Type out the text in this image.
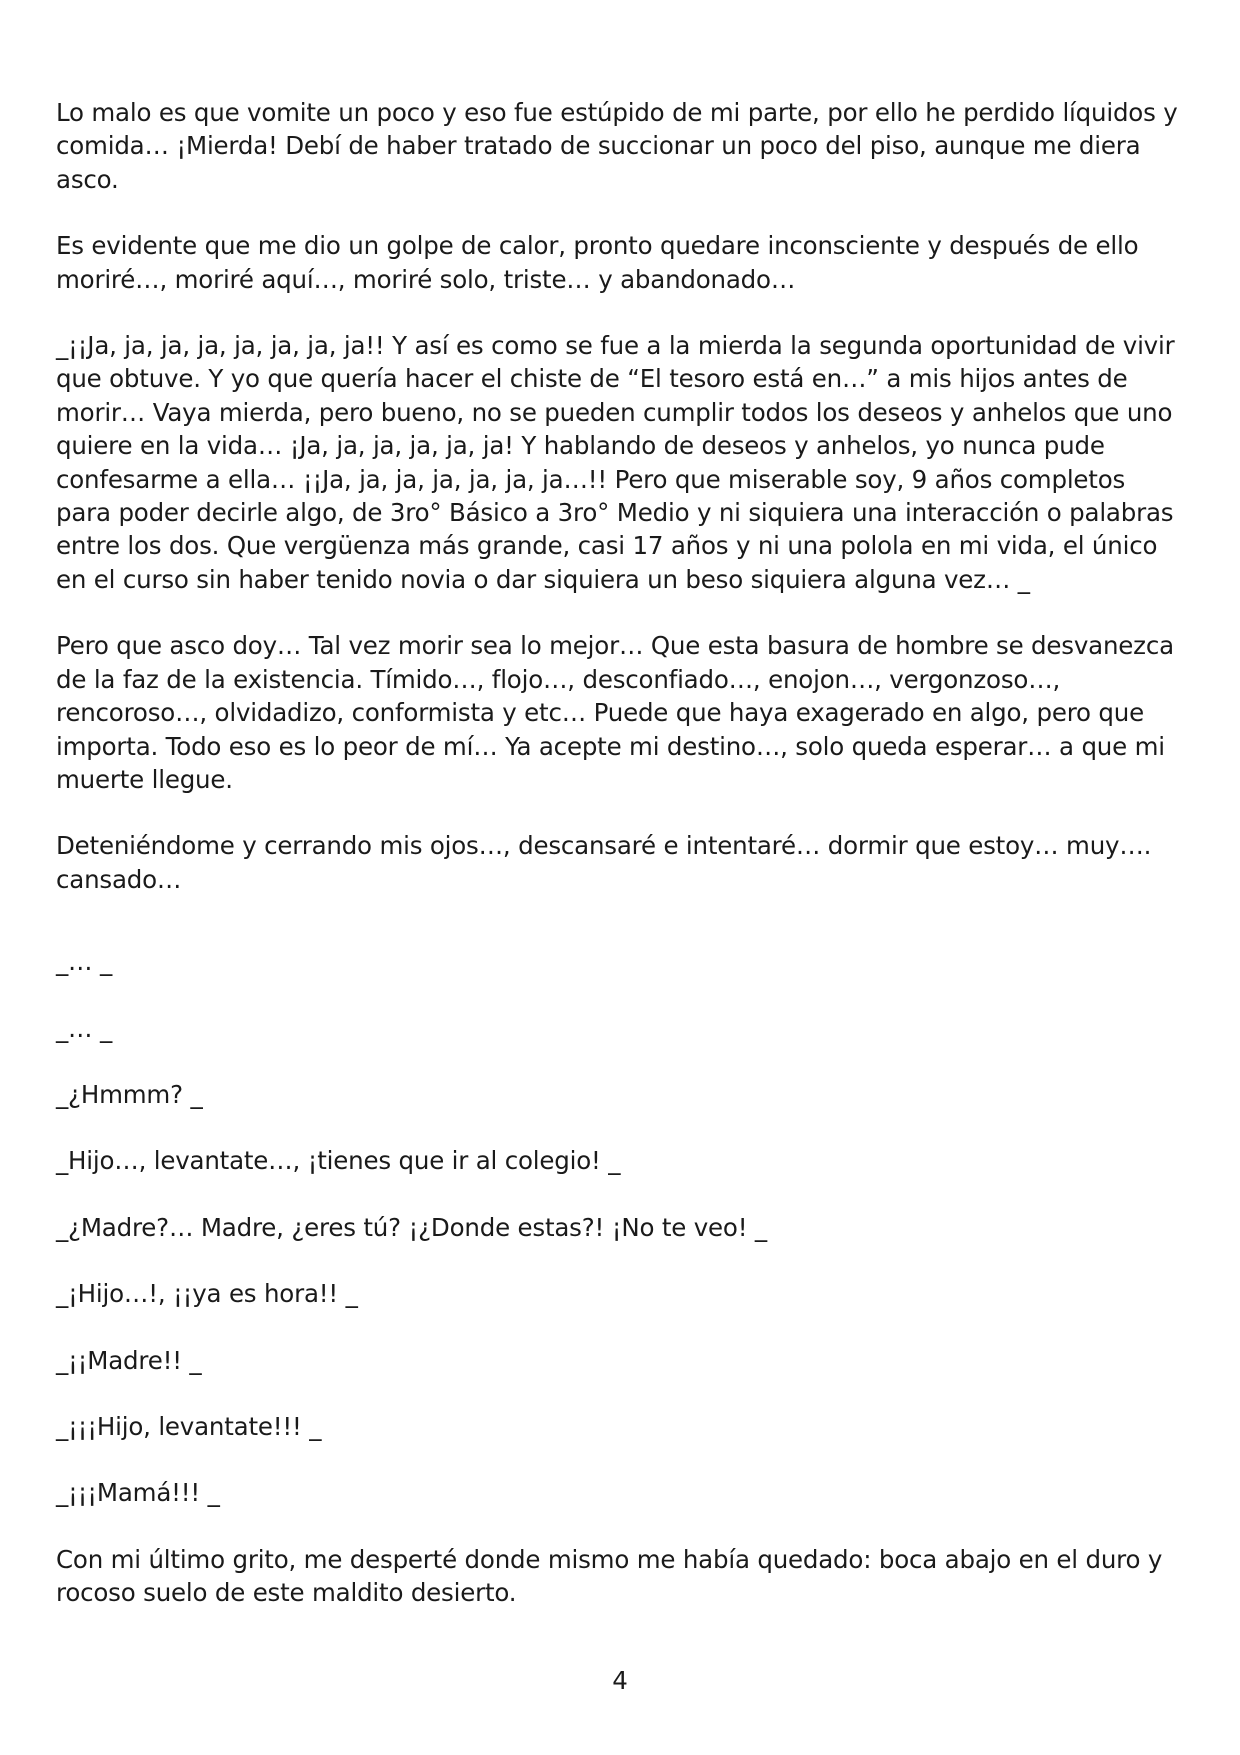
Lo malo es que vomite un poco y eso fue estúpido de mi parte, por ello he perdido líquidos y comida… ¡Mierda! Debí de haber tratado de succionar un poco del piso, aunque me diera asco.

Es evidente que me dio un golpe de calor, pronto quedare inconsciente y después de ello moriré…, moriré aquí…, moriré solo, triste… y abandonado…

_¡¡Ja, ja, ja, ja, ja, ja, ja, ja!! Y así es como se fue a la mierda la segunda oportunidad de vivir que obtuve. Y yo que quería hacer el chiste de “El tesoro está en…” a mis hijos antes de morir… Vaya mierda, pero bueno, no se pueden cumplir todos los deseos y anhelos que uno quiere en la vida… ¡Ja, ja, ja, ja, ja, ja! Y hablando de deseos y anhelos, yo nunca pude confesarme a ella… ¡¡Ja, ja, ja, ja, ja, ja, ja…!! Pero que miserable soy, 9 años completos para poder decirle algo, de 3ro° Básico a 3ro° Medio y ni siquiera una interacción o palabras entre los dos. Que vergüenza más grande, casi 17 años y ni una polola en mi vida, el único en el curso sin haber tenido novia o dar siquiera un beso siquiera alguna vez… _

Pero que asco doy… Tal vez morir sea lo mejor… Que esta basura de hombre se desvanezca de la faz de la existencia. Tímido…, flojo…, desconfiado…, enojon…, vergonzoso…, rencoroso…, olvidadizo, conformista y etc… Puede que haya exagerado en algo, pero que importa. Todo eso es lo peor de mí… Ya acepte mi destino…, solo queda esperar… a que mi muerte llegue.

Deteniéndome y cerrando mis ojos…, descansaré e intentaré… dormir que estoy… muy…. cansado…

_… _

_… _

_¿Hmmm? _

_Hijo…, levantate…, ¡tienes que ir al colegio! _

_¿Madre?… Madre, ¿eres tú? ¡¿Donde estas?! ¡No te veo! _

_¡Hijo…!, ¡¡ya es hora!! _

_¡¡Madre!! _

_¡¡¡Hijo, levantate!!! _

_¡¡¡Mamá!!! _

Con mi último grito, me desperté donde mismo me había quedado: boca abajo en el duro y rocoso suelo de este maldito desierto.

4
